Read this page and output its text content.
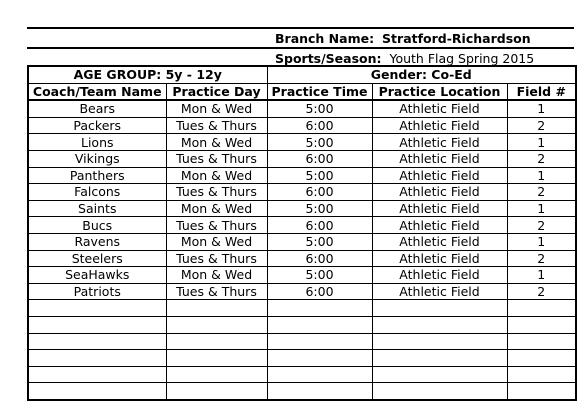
Branch Name: Stratford-Richardson
Sports/Season: Youth Flag Spring 2015
AGE GROUP: 5y - 12y		Gender: Co-Ed		
Coach/Team Name	Practice Day	Practice Time	Practice Location	Field #
Bears	Mon & Wed	5:00	Athletic Field	1
Packers	Tues & Thurs	6:00	Athletic Field	2
Lions	Mon & Wed	5:00	Athletic Field	1
Vikings	Tues & Thurs	6:00	Athletic Field	2
Panthers	Mon & Wed	5:00	Athletic Field	1
Falcons	Tues & Thurs	6:00	Athletic Field	2
Saints	Mon & Wed	5:00	Athletic Field	1
Bucs	Tues & Thurs	6:00	Athletic Field	2
Ravens	Mon & Wed	5:00	Athletic Field	1
Steelers	Tues & Thurs	6:00	Athletic Field	2
SeaHawks	Mon & Wed	5:00	Athletic Field	1
Patriots	Tues & Thurs	6:00	Athletic Field	2
